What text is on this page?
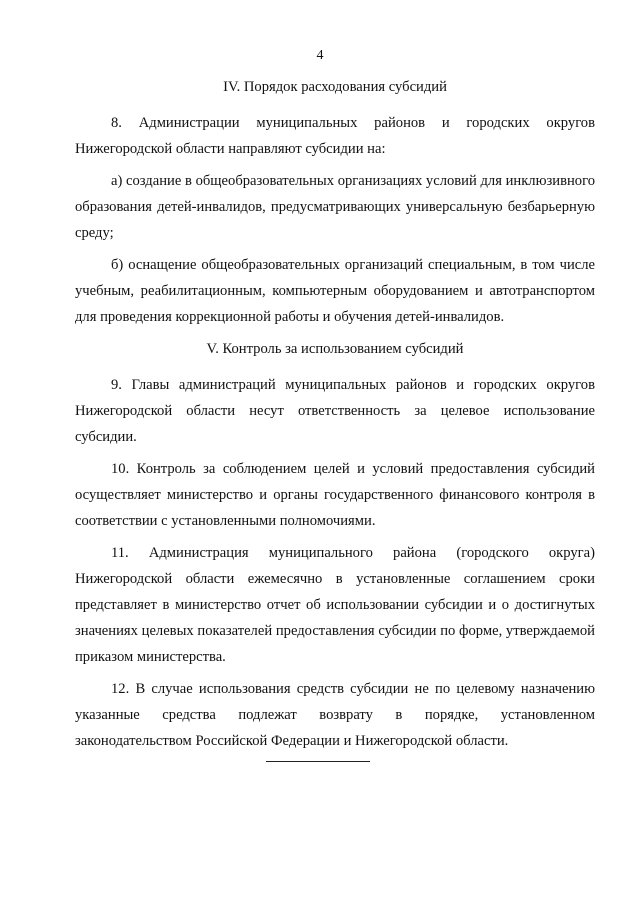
4
IV. Порядок расходования субсидий

8. Администрации муниципальных районов и городских округов Нижегородской области направляют субсидии на:

а) создание в общеобразовательных организациях условий для инклюзивного образования детей-инвалидов, предусматривающих универсальную безбарьерную среду;

б) оснащение общеобразовательных организаций специальным, в том числе учебным, реабилитационным, компьютерным оборудованием и автотранспортом для проведения коррекционной работы и обучения детей-инвалидов.

V. Контроль за использованием субсидий

9. Главы администраций муниципальных районов и городских округов Нижегородской области несут ответственность за целевое использование субсидии.

10. Контроль за соблюдением целей и условий предоставления субсидий осуществляет министерство и органы государственного финансового контроля в соответствии с установленными полномочиями.

11. Администрация муниципального района (городского округа) Нижегородской области ежемесячно в установленные соглашением сроки представляет в министерство отчет об использовании субсидии и о достигнутых значениях целевых показателей предоставления субсидии по форме, утверждаемой приказом министерства.

12. В случае использования средств субсидии не по целевому назначению указанные средства подлежат возврату в порядке, установленном законодательством Российской Федерации и Нижегородской области.
